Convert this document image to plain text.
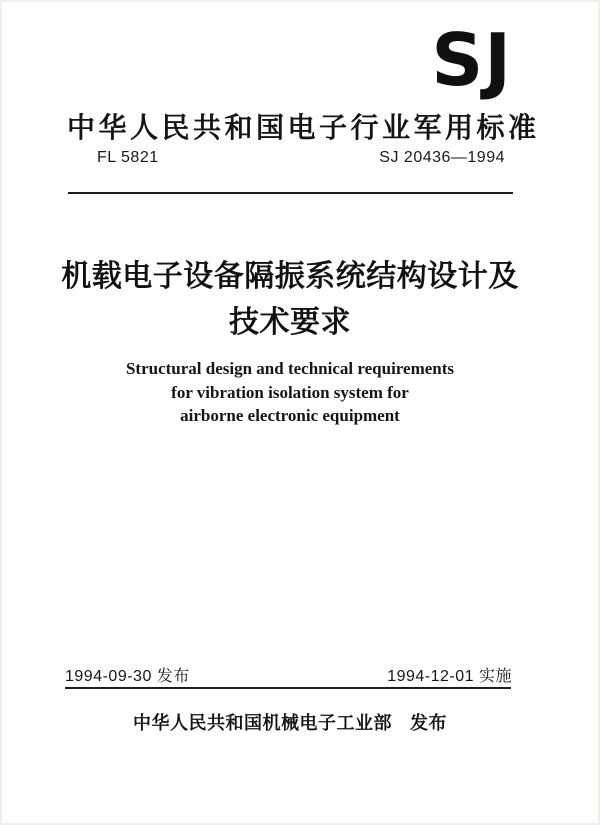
SJ
中华人民共和国电子行业军用标准
FL 5821	SJ 20436—1994
机载电子设备隔振系统结构设计及
技术要求
Structural design and technical requirements
for vibration isolation system for
airborne electronic equipment
1994-09-30 发布	1994-12-01 实施
中华人民共和国机械电子工业部 发布
